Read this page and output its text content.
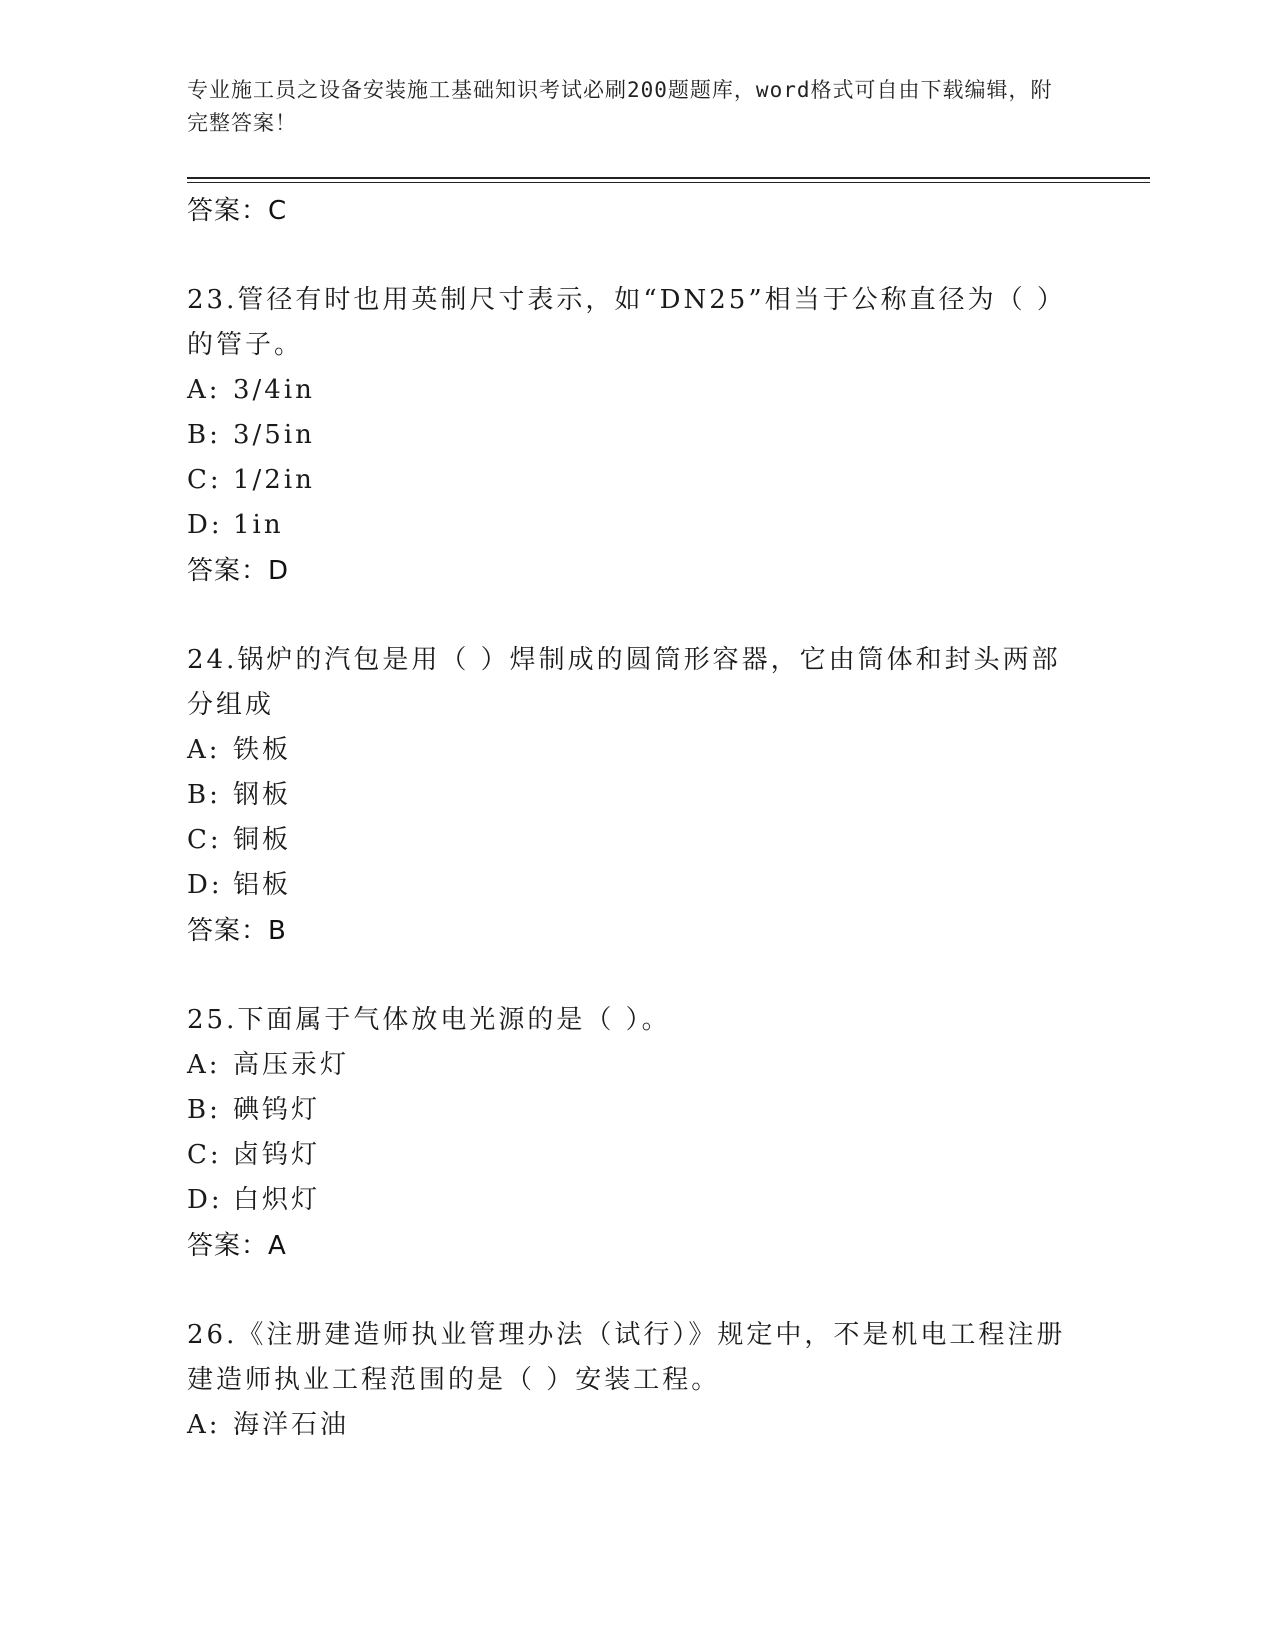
专业施工员之设备安装施工基础知识考试必刷200题题库，word格式可自由下载编辑，附完整答案！
答案：C
23.管径有时也用英制尺寸表示，如“DN25”相当于公称直径为（ ）的管子。
A: 3/4in
B: 3/5in
C: 1/2in
D: 1in
答案：D
24.锅炉的汽包是用（ ）焊制成的圆筒形容器，它由筒体和封头两部分组成
A: 铁板
B: 钢板
C: 铜板
D: 铝板
答案：B
25.下面属于气体放电光源的是（ ）。
A: 高压汞灯
B: 碘钨灯
C: 卤钨灯
D: 白炽灯
答案：A
26.《注册建造师执业管理办法（试行）》规定中，不是机电工程注册建造师执业工程范围的是（ ）安装工程。
A: 海洋石油
